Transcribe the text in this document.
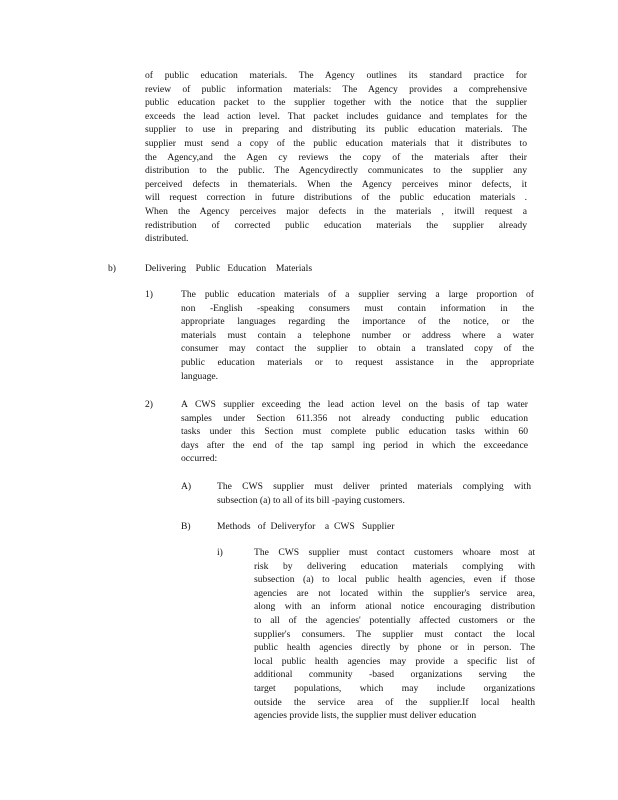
of public education materials. The Agency outlines its standard practice for
review of public information materials: The Agency provides a comprehensive
public education packet to the supplier together with the notice that the supplier
exceeds the lead action level. That packet includes guidance and templates for the
supplier to use in preparing and distributing its public education materials. The
supplier must send a copy of the public education materials that it distributes to
the Agency,and the Agen cy reviews the copy of the materials after their
distribution to the public. The Agencydirectly communicates to the supplier any
perceived defects in thematerials. When the Agency perceives minor defects, it
will request correction in future distributions of the public education materials .
When the Agency perceives major defects in the materials , itwill request a
redistribution of corrected public education materials the supplier already
distributed.
b)	Delivering    Public   Education    Materials
1)	The public education materials of a supplier serving a large proportion of
non -English -speaking consumers must contain information in the
appropriate languages regarding the importance of the notice, or the
materials must contain a telephone number or address where a water
consumer may contact the supplier to obtain a translated copy of the
public education materials or to request assistance in the appropriate
language.
2)	A CWS supplier exceeding the lead action level on the basis of tap water
samples under Section 611.356 not already conducting public education
tasks under this Section must complete public education tasks within 60
days after the end of the tap sampl ing period in which the exceedance
occurred:
A)	The CWS supplier must deliver printed materials complying with
subsection (a) to all of its bill -paying customers.
B)	Methods   of  Deliveryfor    a  CWS   Supplier
i)	The CWS supplier must contact customers whoare most at
risk by delivering education materials complying with
subsection (a) to local public health agencies, even if those
agencies are not located within the supplier's service area,
along with an inform ational notice encouraging distribution
to all of the agencies' potentially affected customers or the
supplier's consumers. The supplier must contact the local
public health agencies directly by phone or in person. The
local public health agencies may provide a specific list of
additional community -based organizations serving the
target populations, which may include organizations
outside the service area of the supplier.If local health
agencies provide lists, the supplier must deliver education
